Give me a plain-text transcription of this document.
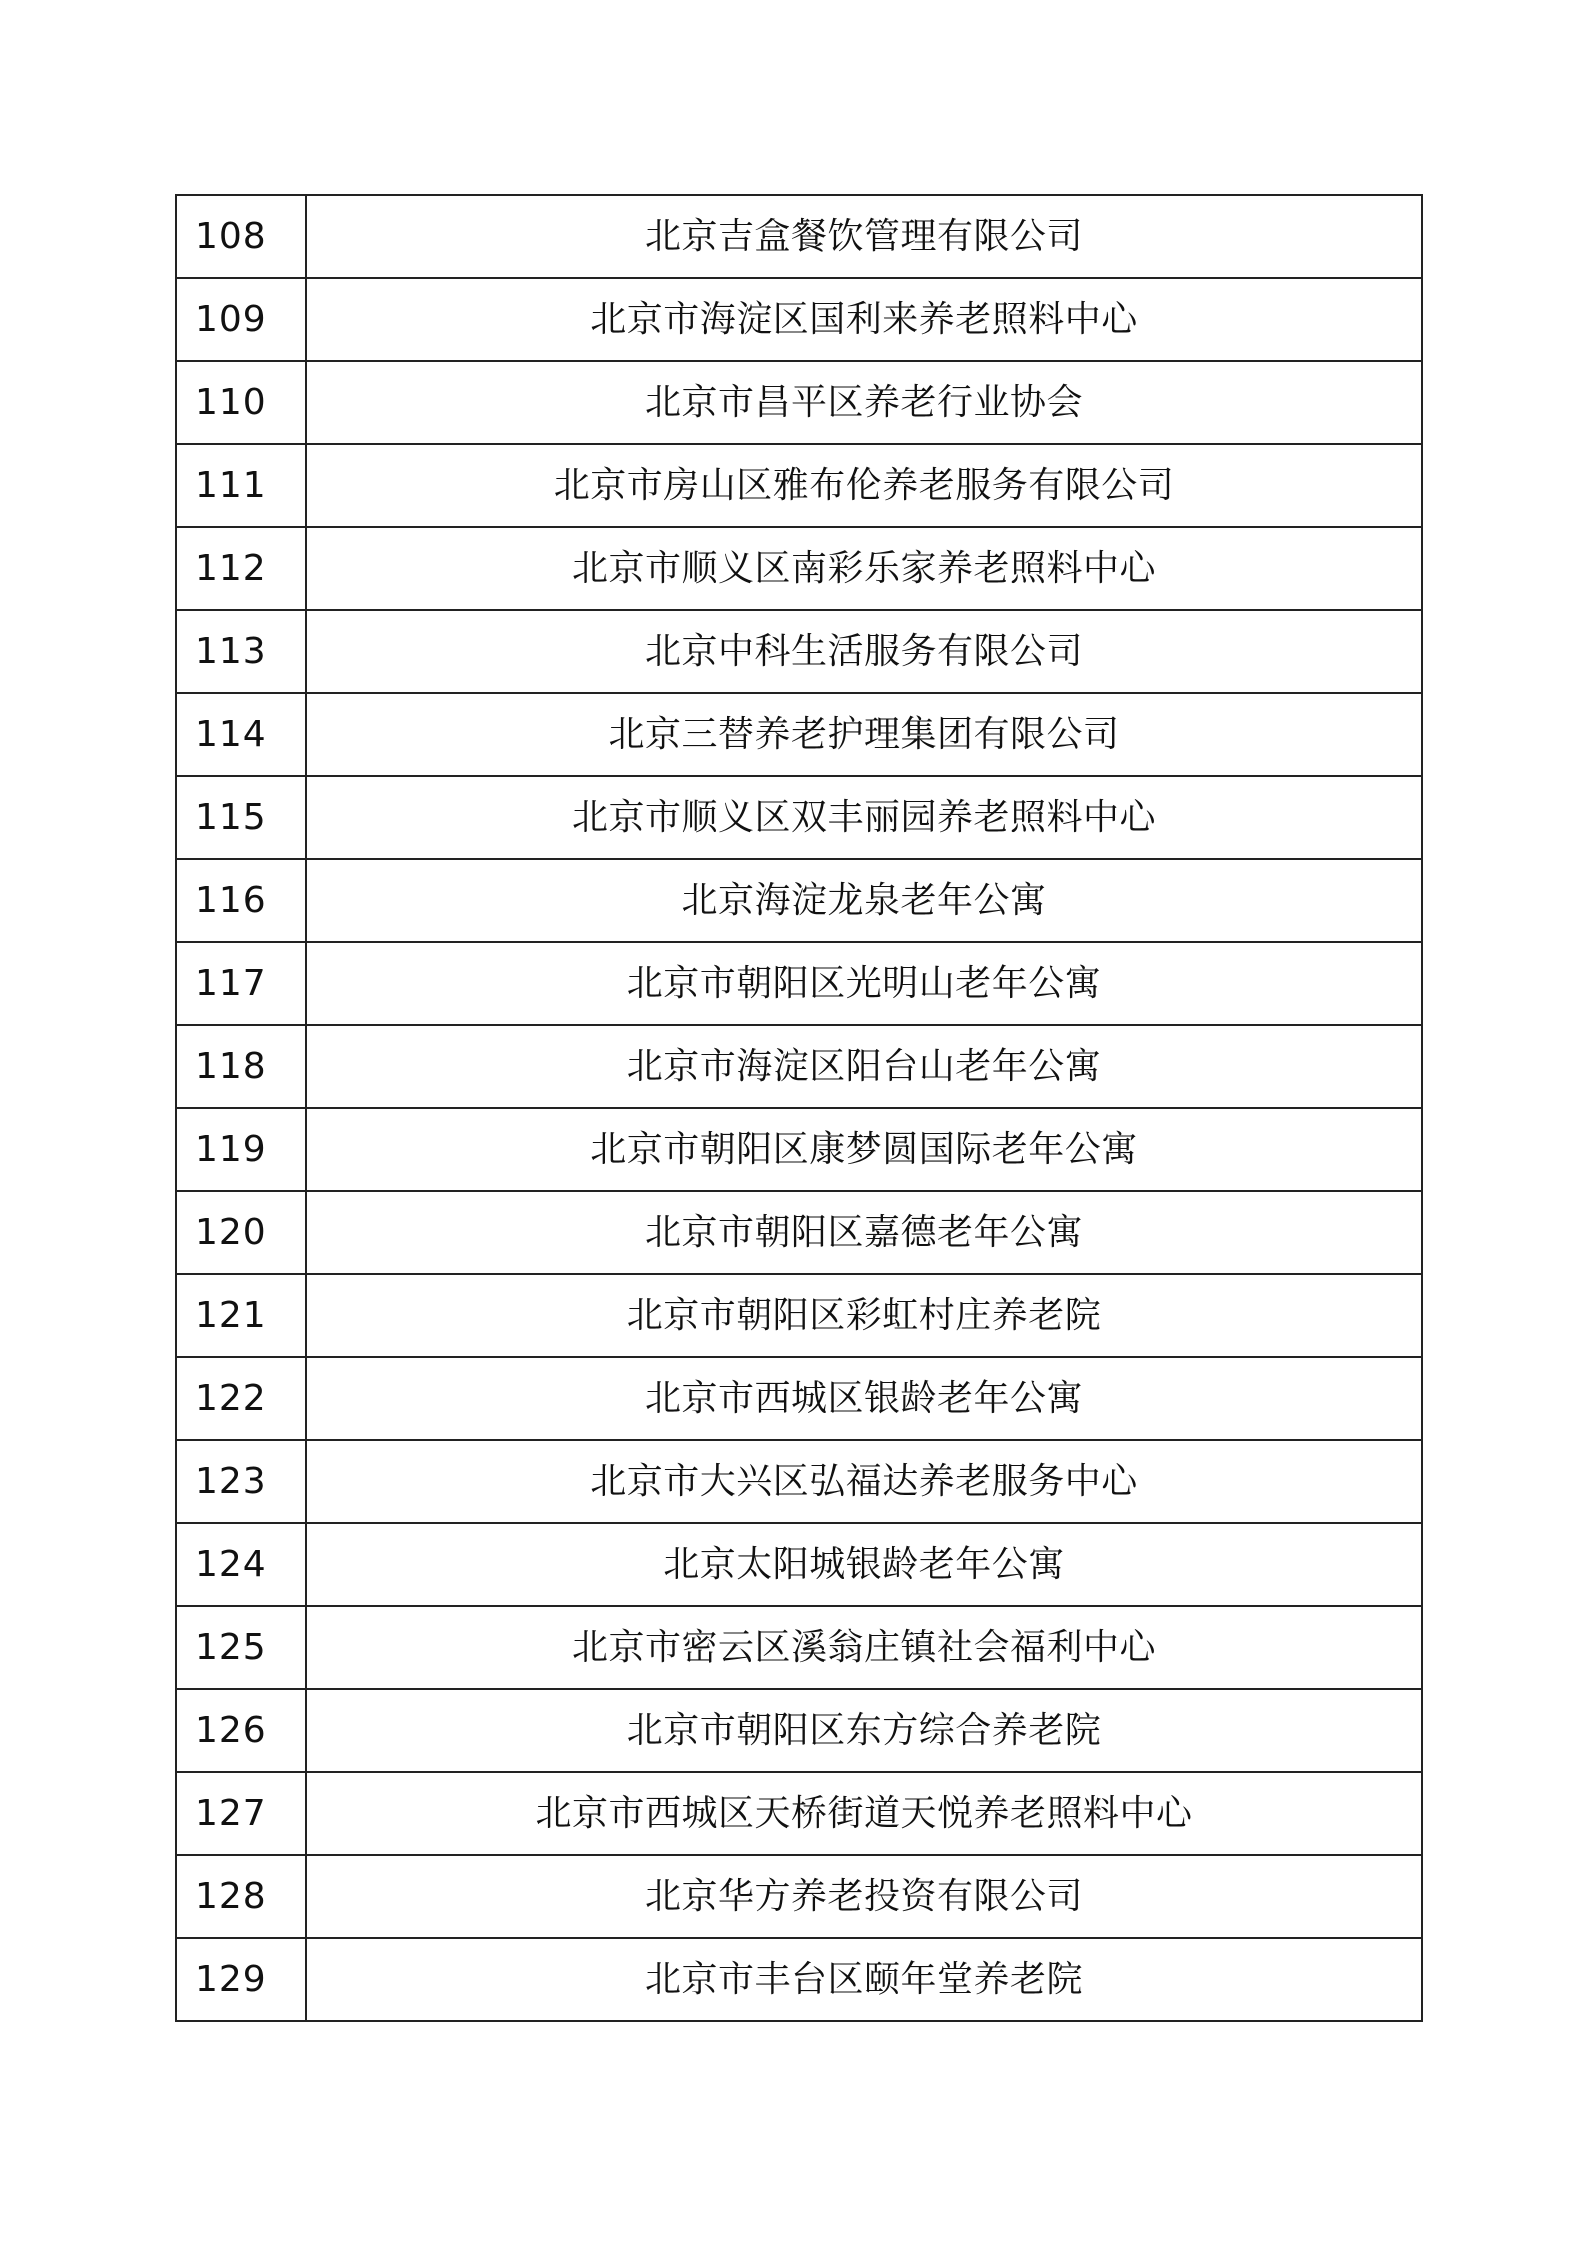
108	北京吉盒餐饮管理有限公司
109	北京市海淀区国利来养老照料中心
110	北京市昌平区养老行业协会
111	北京市房山区雅布伦养老服务有限公司
112	北京市顺义区南彩乐家养老照料中心
113	北京中科生活服务有限公司
114	北京三替养老护理集团有限公司
115	北京市顺义区双丰丽园养老照料中心
116	北京海淀龙泉老年公寓
117	北京市朝阳区光明山老年公寓
118	北京市海淀区阳台山老年公寓
119	北京市朝阳区康梦圆国际老年公寓
120	北京市朝阳区嘉德老年公寓
121	北京市朝阳区彩虹村庄养老院
122	北京市西城区银龄老年公寓
123	北京市大兴区弘福达养老服务中心
124	北京太阳城银龄老年公寓
125	北京市密云区溪翁庄镇社会福利中心
126	北京市朝阳区东方综合养老院
127	北京市西城区天桥街道天悦养老照料中心
128	北京华方养老投资有限公司
129	北京市丰台区颐年堂养老院
